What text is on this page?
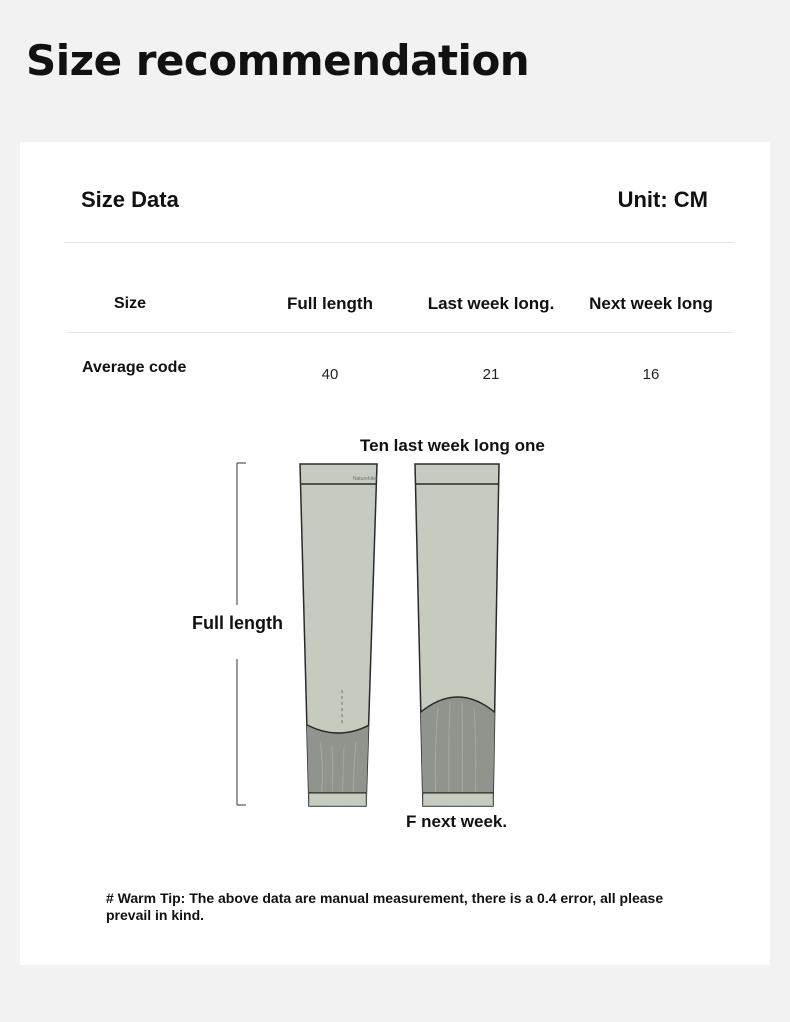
Size recommendation
Size Data	Unit: CM
Size	Full length	Last week long.	Next week long
Average code	40	21	16
Ten last week long one
Full length
F next week.
Naturehike
# Warm Tip: The above data are manual measurement, there is a 0.4 error, all please prevail in kind.
